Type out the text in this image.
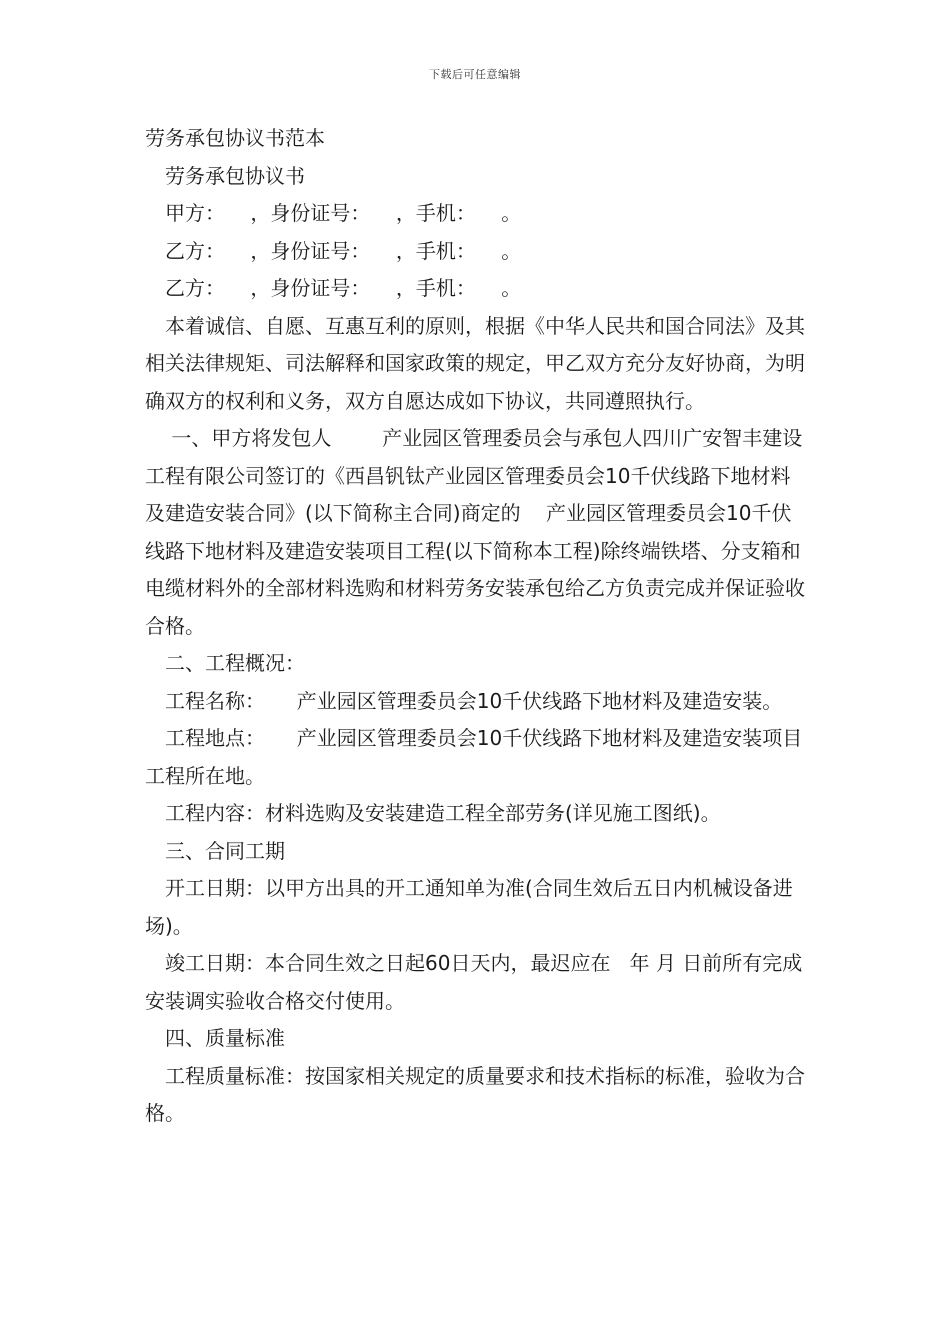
下载后可任意编辑
劳务承包协议书范本

劳务承包协议书

甲方：    ，身份证号：    ，手机：    。

乙方：    ，身份证号：    ，手机：    。

乙方：    ，身份证号：    ，手机：    。

本着诚信、自愿、互惠互利的原则，根据《中华人民共和国合同法》及其相关法律规矩、司法解释和国家政策的规定，甲乙双方充分友好协商，为明确双方的权利和义务，双方自愿达成如下协议，共同遵照执行。

一、甲方将发包人        产业园区管理委员会与承包人四川广安智丰建设工程有限公司签订的《西昌钒钛产业园区管理委员会10千伏线路下地材料及建造安装合同》(以下简称主合同)商定的    产业园区管理委员会10千伏线路下地材料及建造安装项目工程(以下简称本工程)除终端铁塔、分支箱和电缆材料外的全部材料选购和材料劳务安装承包给乙方负责完成并保证验收合格。

二、工程概况：

工程名称：     产业园区管理委员会10千伏线路下地材料及建造安装。

工程地点：     产业园区管理委员会10千伏线路下地材料及建造安装项目工程所在地。

工程内容：材料选购及安装建造工程全部劳务(详见施工图纸)。

三、合同工期

开工日期：以甲方出具的开工通知单为准(合同生效后五日内机械设备进场)。

竣工日期：本合同生效之日起60日天内，最迟应在   年 月 日前所有完成安装调实验收合格交付使用。

四、质量标准

工程质量标准：按国家相关规定的质量要求和技术指标的标准，验收为合格。
